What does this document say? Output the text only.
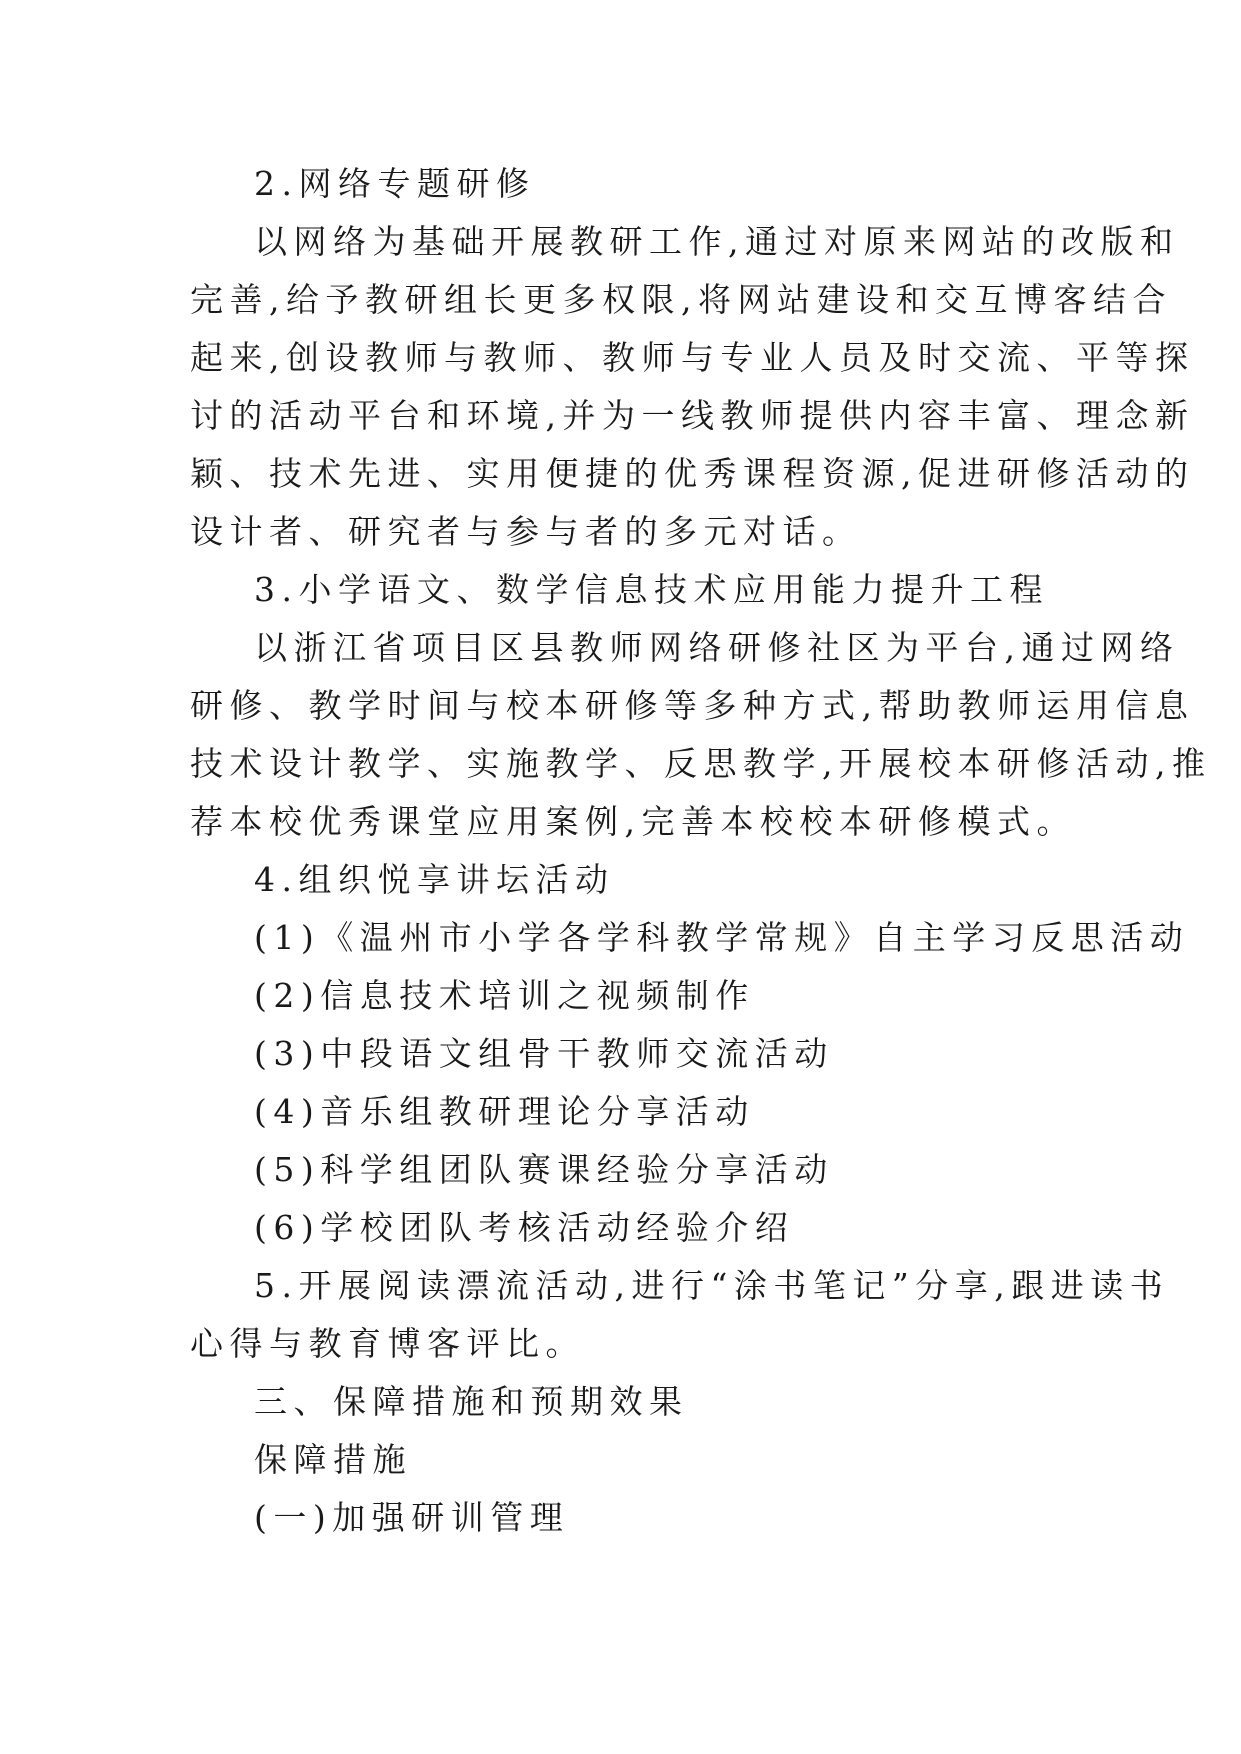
2.网络专题研修

以网络为基础开展教研工作,通过对原来网站的改版和

完善,给予教研组长更多权限,将网站建设和交互博客结合

起来,创设教师与教师、教师与专业人员及时交流、平等探

讨的活动平台和环境,并为一线教师提供内容丰富、理念新

颖、技术先进、实用便捷的优秀课程资源,促进研修活动的

设计者、研究者与参与者的多元对话。

3.小学语文、数学信息技术应用能力提升工程

以浙江省项目区县教师网络研修社区为平台,通过网络

研修、教学时间与校本研修等多种方式,帮助教师运用信息

技术设计教学、实施教学、反思教学,开展校本研修活动,推

荐本校优秀课堂应用案例,完善本校校本研修模式。

4.组织悦享讲坛活动

(1)《温州市小学各学科教学常规》自主学习反思活动

(2)信息技术培训之视频制作

(3)中段语文组骨干教师交流活动

(4)音乐组教研理论分享活动

(5)科学组团队赛课经验分享活动

(6)学校团队考核活动经验介绍

5.开展阅读漂流活动,进行“涂书笔记”分享,跟进读书

心得与教育博客评比。

三、保障措施和预期效果

保障措施

(一)加强研训管理
